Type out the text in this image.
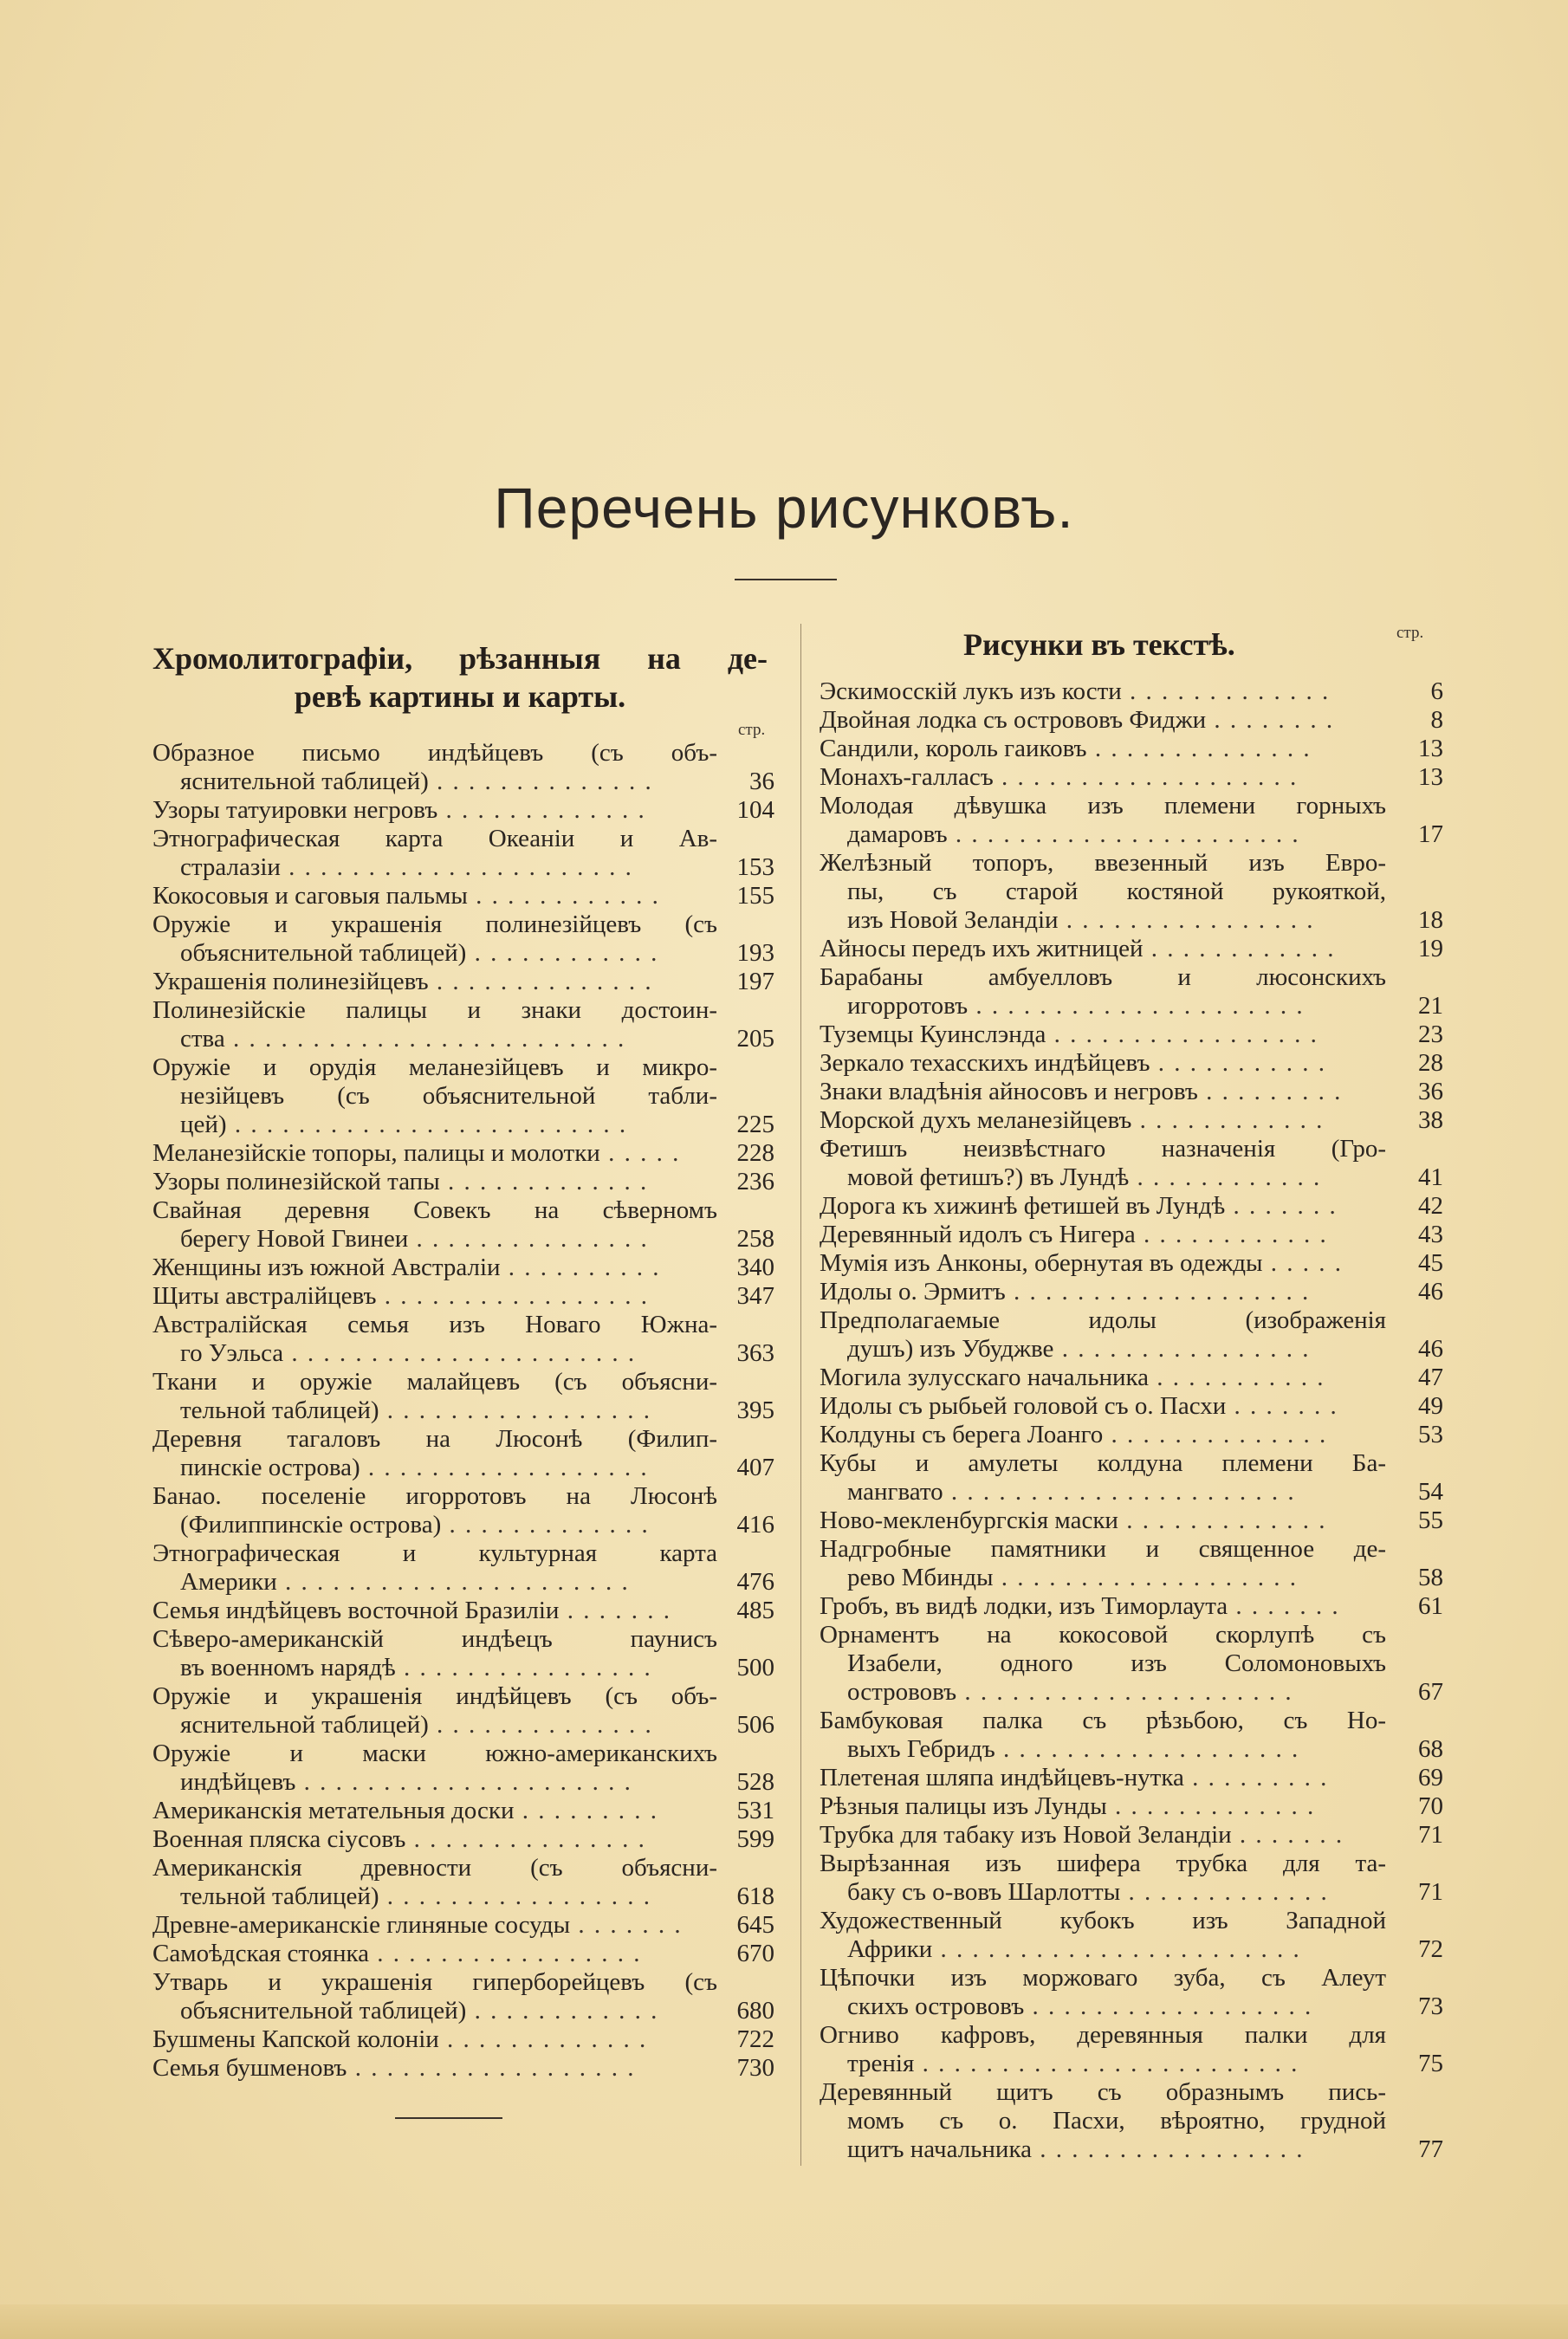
Перечень рисунковъ.
Хромолитографіи, рѣзанныя на де-
ревѣ картины и карты.
стр.
Образное письмо индѣйцевъ (съ объ-
яснительной таблицей) . . . . . . . . . . . . . .	36
Узоры татуировки негровъ . . . . . . . . . . . . .	104
Этнографическая карта Океаніи и Ав-
стралазіи . . . . . . . . . . . . . . . . . . . . . .	153
Кокосовыя и саговыя пальмы . . . . . . . . . . . .	155
Оружіе и украшенія полинезійцевъ (съ
объяснительной таблицей) . . . . . . . . . . . .	193
Украшенія полинезійцевъ . . . . . . . . . . . . . .	197
Полинезійскіе палицы и знаки достоин-
ства . . . . . . . . . . . . . . . . . . . . . . . . .	205
Оружіе и орудія меланезійцевъ и микро-
незійцевъ (съ объяснительной табли-
цей) . . . . . . . . . . . . . . . . . . . . . . . . .	225
Меланезійскіе топоры, палицы и молотки . . . . .	228
Узоры полинезійской тапы . . . . . . . . . . . . .	236
Свайная деревня Совекъ на сѣверномъ
берегу Новой Гвинеи . . . . . . . . . . . . . . .	258
Женщины изъ южной Австраліи . . . . . . . . . .	340
Щиты австралійцевъ . . . . . . . . . . . . . . . . .	347
Австралійская семья изъ Новаго Южна-
го Уэльса . . . . . . . . . . . . . . . . . . . . . .	363
Ткани и оружіе малайцевъ (съ объясни-
тельной таблицей) . . . . . . . . . . . . . . . . .	395
Деревня тагаловъ на Люсонѣ (Филип-
пинскіе острова) . . . . . . . . . . . . . . . . . .	407
Банао. поселеніе игорротовъ на Люсонѣ
(Филиппинскіе острова) . . . . . . . . . . . . .	416
Этнографическая и культурная карта
Америки . . . . . . . . . . . . . . . . . . . . . .	476
Семья индѣйцевъ восточной Бразиліи . . . . . . .	485
Сѣверо-американскій индѣецъ паунисъ
въ военномъ нарядѣ . . . . . . . . . . . . . . . .	500
Оружіе и украшенія индѣйцевъ (съ объ-
яснительной таблицей) . . . . . . . . . . . . . .	506
Оружіе и маски южно-американскихъ
индѣйцевъ . . . . . . . . . . . . . . . . . . . . .	528
Американскія метательныя доски . . . . . . . . .	531
Военная пляска сіусовъ . . . . . . . . . . . . . . .	599
Американскія древности (съ объясни-
тельной таблицей) . . . . . . . . . . . . . . . . .	618
Древне-американскіе глиняные сосуды . . . . . . .	645
Самоѣдская стоянка . . . . . . . . . . . . . . . . .	670
Утварь и украшенія гиперборейцевъ (съ
объяснительной таблицей) . . . . . . . . . . . .	680
Бушмены Капской колоніи . . . . . . . . . . . . .	722
Семья бушменовъ . . . . . . . . . . . . . . . . . .	730
Рисунки въ текстѣ.	стр.
Эскимосскій лукъ изъ кости . . . . . . . . . . . . .	6
Двойная лодка съ острововъ Фиджи . . . . . . . .	8
Сандили, король гаиковъ . . . . . . . . . . . . . .	13
Монахъ-галласъ . . . . . . . . . . . . . . . . . . .	13
Молодая дѣвушка изъ племени горныхъ
дамаровъ . . . . . . . . . . . . . . . . . . . . . .	17
Желѣзный топоръ, ввезенный изъ Евро-
пы, съ старой костяной рукояткой,
изъ Новой Зеландіи . . . . . . . . . . . . . . . .	18
Айносы передъ ихъ житницей . . . . . . . . . . . .	19
Барабаны амбуелловъ и люсонскихъ
игорротовъ . . . . . . . . . . . . . . . . . . . . .	21
Туземцы Куинслэнда . . . . . . . . . . . . . . . . .	23
Зеркало техасскихъ индѣйцевъ . . . . . . . . . . .	28
Знаки владѣнія айносовъ и негровъ . . . . . . . . .	36
Морской духъ меланезійцевъ . . . . . . . . . . . .	38
Фетишъ неизвѣстнаго назначенія (Гро-
мовой фетишъ?) въ Лундѣ . . . . . . . . . . . .	41
Дорога къ хижинѣ фетишей въ Лундѣ . . . . . . .	42
Деревянный идолъ съ Нигера . . . . . . . . . . . .	43
Мумія изъ Анконы, обернутая въ одежды . . . . .	45
Идолы о. Эрмитъ . . . . . . . . . . . . . . . . . . .	46
Предполагаемые идолы (изображенія
душъ) изъ Убуджве . . . . . . . . . . . . . . . .	46
Могила зулусскаго начальника . . . . . . . . . . .	47
Идолы съ рыбьей головой съ о. Пасхи . . . . . . .	49
Колдуны съ берега Лоанго . . . . . . . . . . . . . .	53
Кубы и амулеты колдуна племени Ба-
мангвато . . . . . . . . . . . . . . . . . . . . . .	54
Ново-мекленбургскія маски . . . . . . . . . . . . .	55
Надгробные памятники и священное де-
рево Мбинды . . . . . . . . . . . . . . . . . . .	58
Гробъ, въ видѣ лодки, изъ Тиморлаута . . . . . . .	61
Орнаментъ на кокосовой скорлупѣ съ
Изабели, одного изъ Соломоновыхъ
острововъ . . . . . . . . . . . . . . . . . . . . .	67
Бамбуковая палка съ рѣзьбою, съ Но-
выхъ Гебридъ . . . . . . . . . . . . . . . . . . .	68
Плетеная шляпа индѣйцевъ-нутка . . . . . . . . .	69
Рѣзныя палицы изъ Лунды . . . . . . . . . . . . .	70
Трубка для табаку изъ Новой Зеландіи . . . . . . .	71
Вырѣзанная изъ шифера трубка для та-
баку съ о-вовъ Шарлотты . . . . . . . . . . . . .	71
Художественный кубокъ изъ Западной
Африки . . . . . . . . . . . . . . . . . . . . . . .	72
Цѣпочки изъ моржоваго зуба, съ Алеут
скихъ острововъ . . . . . . . . . . . . . . . . . .	73
Огниво кафровъ, деревянныя палки для
тренія . . . . . . . . . . . . . . . . . . . . . . . .	75
Деревянный щитъ съ образнымъ пись-
момъ съ о. Пасхи, вѣроятно, грудной
щитъ начальника . . . . . . . . . . . . . . . . .	77
